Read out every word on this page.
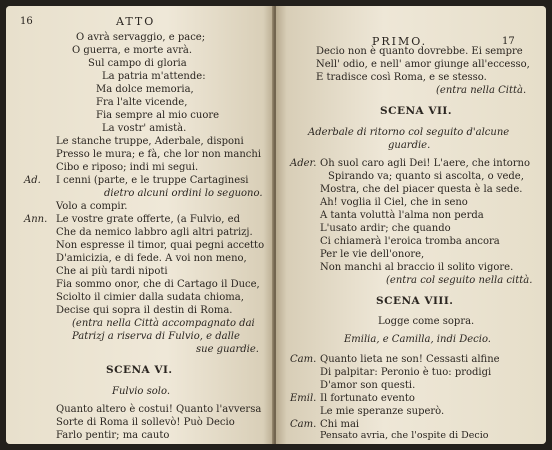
16	ATTO
O avrà servaggio, e pace;
O guerra, e morte avrà.
Sul campo di gloria
La patria m'attende:
Ma dolce memoria,
Fra l'alte vicende,
Fia sempre al mio cuore
La vostr' amistà.
Le stanche truppe, Aderbale, disponi
Presso le mura; e fà, che lor non manchi
Cibo e riposo; indi mi segui.
Ad. I cenni (parte, e le truppe Cartaginesi
dietro alcuni ordini lo seguono.
Volo a compir.
Ann. Le vostre grate offerte, (a Fulvio, ed
Che da nemico labbro agli altri patrizj.
Non espresse il timor, quai pegni accetto
D'amicizia, e di fede. A voi non meno,
Che ai più tardi nipoti
Fia sommo onor, che di Cartago il Duce,
Sciolto il cimier dalla sudata chioma,
Decise qui sopra il destin di Roma.
(entra nella Città accompagnato dai
Patrizj a riserva di Fulvio, e dalle
sue guardie.
SCENA VI.
Fulvio solo.
Quanto altero è costui! Quanto l'avversa
Sorte di Roma il sollevò! Può Decio
Farlo pentir; ma cauto
PRIMO.	17
Decio non è quanto dovrebbe. Ei sempre
Nell' odio, e nell' amor giunge all'eccesso,
E tradisce così Roma, e se stesso.
(entra nella Città.
SCENA VII.
Aderbale di ritorno col seguito d'alcune
guardie.
Ader. Oh suol caro agli Dei! L'aere, che intorno
Spirando va; quanto si ascolta, o vede,
Mostra, che del piacer questa è la sede.
Ah! voglia il Ciel, che in seno
A tanta voluttà l'alma non perda
L'usato ardir; che quando
Ci chiamerà l'eroica tromba ancora
Per le vie dell'onore,
Non manchi al braccio il solito vigore.
(entra col seguito nella città.
SCENA VIII.
Logge come sopra.
Emilia, e Camilla, indi Decio.
Cam. Quanto lieta ne son! Cessasti alfine
Di palpitar: Peronio è tuo: prodigi
D'amor son questi.
Emil. Il fortunato evento
Le mie speranze superò.
Cam. Chi mai
Pensato avria, che l'ospite di Decio
